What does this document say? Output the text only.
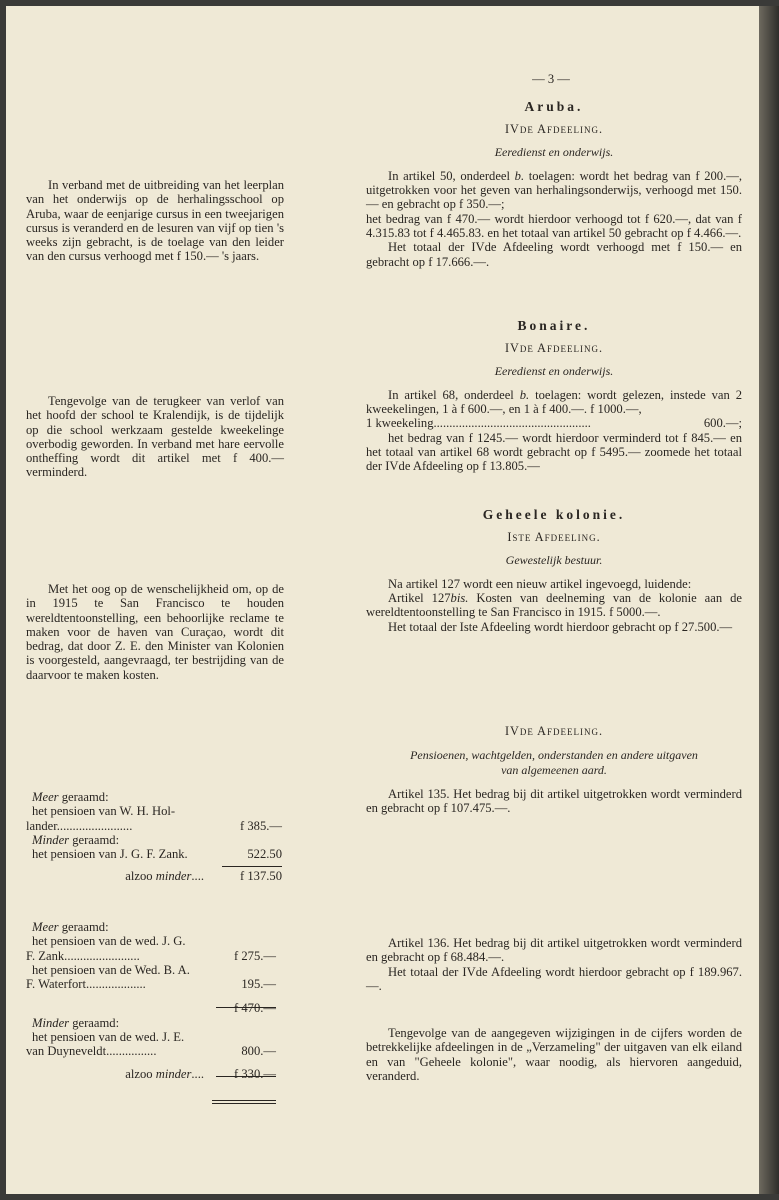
— 3 —
In verband met de uitbreiding van het leerplan van het onderwijs op de herhalingsschool op Aruba, waar de eenjarige cursus in een tweejarigen cursus is veranderd en de lesuren van vijf op tien 's weeks zijn gebracht, is de toelage van den leider van den cursus verhoogd met f 150.— 's jaars.
Tengevolge van de terugkeer van verlof van het hoofd der school te Kralendijk, is de tijdelijk op die school werkzaam gestelde kweekelinge overbodig geworden. In verband met hare eervolle ontheffing wordt dit artikel met f 400.— verminderd.
Met het oog op de wenschelijkheid om, op de in 1915 te San Francisco te houden wereldtentoonstelling, een behoorlijke reclame te maken voor de haven van Curaçao, wordt dit bedrag, dat door Z. E. den Minister van Kolonien is voorgesteld, aangevraagd, ter bestrijding van de daarvoor te maken kosten.
Meer geraamd:
het pensioen van W. H. Hol-
lander........................	f 385.—
Minder geraamd:
het pensioen van J. G. F. Zank.	522.50
alzoo minder....	f 137.50
Meer geraamd:
het pensioen van de wed. J. G.
F. Zank........................	f 275.—
het pensioen van de Wed. B. A.
F. Waterfort...................	195.—
f 470.—
Minder geraamd:
het pensioen van de wed. J. E.
van Duyneveldt................	800.—
alzoo minder.... f 330.—
Aruba.
IVde Afdeeling.
Eeredienst en onderwijs.

In artikel 50, onderdeel b. toelagen: wordt het bedrag van f 200.—, uitgetrokken voor het geven van herhalingsonderwijs, verhoogd met 150.— en gebracht op f 350.—;

het bedrag van f 470.— wordt hierdoor verhoogd tot f 620.—, dat van f 4.315.83 tot f 4.465.83. en het totaal van artikel 50 gebracht op f 4.466.—.

Het totaal der IVde Afdeeling wordt verhoogd met f 150.— en gebracht op f 17.666.—.

Bonaire.
IVde Afdeeling.
Eeredienst en onderwijs.

In artikel 68, onderdeel b. toelagen: wordt gelezen, instede van 2 kweekelingen, 1 à f 600.—, en 1 à f 400.—. f 1000.—,

1 kweekeling..................................................	600.—;

het bedrag van f 1245.— wordt hierdoor verminderd tot f 845.— en het totaal van artikel 68 wordt gebracht op f 5495.— zoomede het totaal der IVde Afdeeling op f 13.805.—

Geheele kolonie.
Iste Afdeeling.
Gewestelijk bestuur.

Na artikel 127 wordt een nieuw artikel ingevoegd, luidende:

Artikel 127bis. Kosten van deelneming van de kolonie aan de wereldtentoonstelling te San Francisco in 1915. f 5000.—.

Het totaal der Iste Afdeeling wordt hierdoor gebracht op f 27.500.—

IVde Afdeeling.
Pensioenen, wachtgelden, onderstanden en andere uitgaven
van algemeenen aard.

Artikel 135. Het bedrag bij dit artikel uitgetrokken wordt verminderd en gebracht op f 107.475.—.

Artikel 136. Het bedrag bij dit artikel uitgetrokken wordt verminderd en gebracht op f 68.484.—.

Het totaal der IVde Afdeeling wordt hierdoor gebracht op f 189.967.—.

Tengevolge van de aangegeven wijzigingen in de cijfers worden de betrekkelijke afdeelingen in de „Verzameling" der uitgaven van elk eiland en van "Geheele kolonie", waar noodig, als hiervoren aangeduid, veranderd.
